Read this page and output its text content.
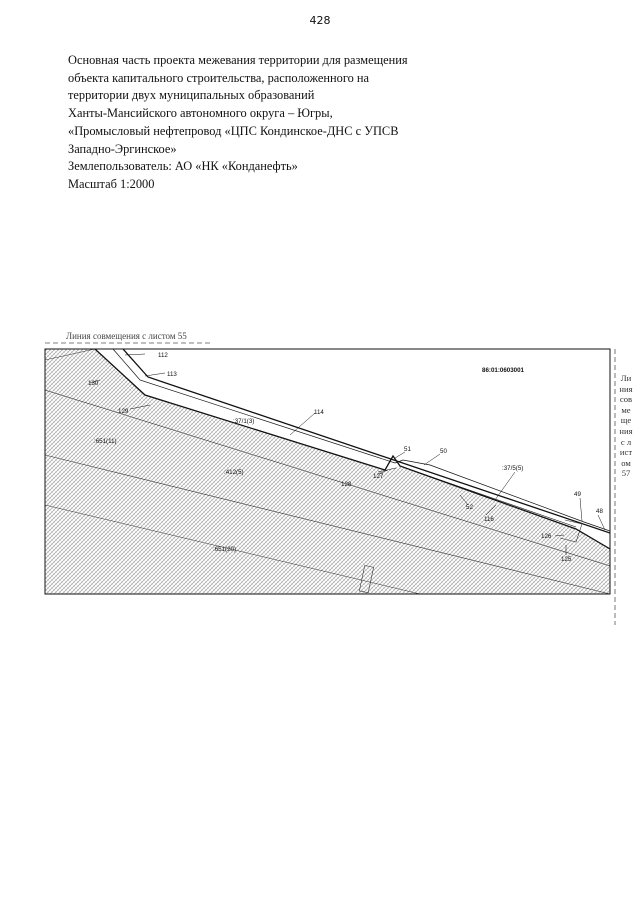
428
Основная часть проекта межевания территории для размещения
объекта капитального строительства, расположенного на
территории двух муниципальных образований
Ханты-Мансийского автономного округа – Югры,
«Промысловый нефтепровод «ЦПС Кондинское-ДНС с УПСВ
Западно-Эргинское»
Землепользователь: АО «НК «Конданефть»
Масштаб 1:2000
Линия совмещения с листом 55
Линия совмещения с листом 57
86:01:0603001
:651(11)
:412(5)
:651(20)
:37/1(3)
:37/5(5)
112
113
130
129	114
51	50
128
127
52
116
49
48
126
125
